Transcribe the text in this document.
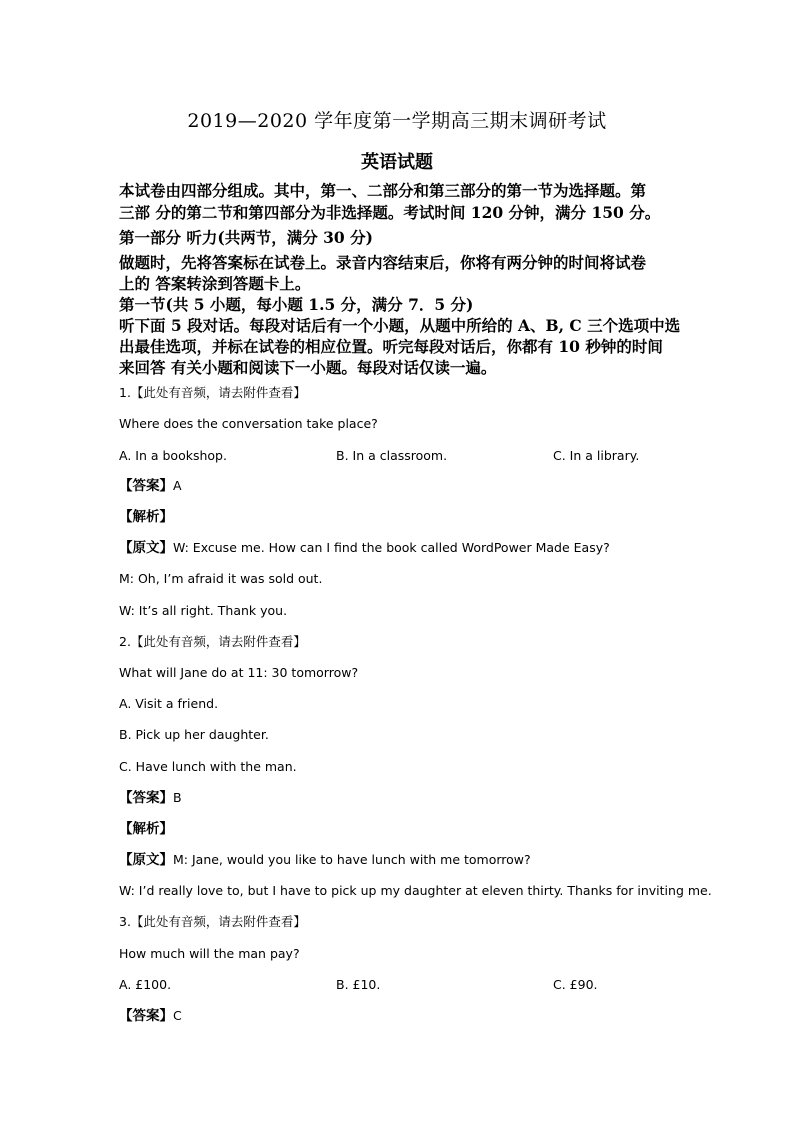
2019—2020 学年度第一学期高三期末调研考试
英语试题
本试卷由四部分组成。其中，第一、二部分和第三部分的第一节为选择题。第
三部 分的第二节和第四部分为非选择题。考试时间 120 分钟，满分 150 分。
第一部分 听力(共两节，满分 30 分)
做题时，先将答案标在试卷上。录音内容结束后，你将有两分钟的时间将试卷
上的 答案转涂到答题卡上。
第一节(共 5 小题，每小题 1.5 分，满分 7．5 分)
听下面 5 段对话。每段对话后有一个小题，从题中所给的 A、B, C 三个选项中选
出最佳选项，并标在试卷的相应位置。听完每段对话后，你都有 10 秒钟的时间
来回答 有关小题和阅读下一小题。每段对话仅读一遍。
1.【此处有音频，请去附件查看】
Where does the conversation take place?
A. In a bookshop.	B. In a classroom.	C. In a library.
【答案】A
【解析】
【原文】W: Excuse me. How can I find the book called WordPower Made Easy?
M: Oh, I’m afraid it was sold out.
W: It’s all right. Thank you.
2.【此处有音频，请去附件查看】
What will Jane do at 11: 30 tomorrow?
A. Visit a friend.
B. Pick up her daughter.
C. Have lunch with the man.
【答案】B
【解析】
【原文】M: Jane, would you like to have lunch with me tomorrow?
W: I’d really love to, but I have to pick up my daughter at eleven thirty. Thanks for inviting me.
3.【此处有音频，请去附件查看】
How much will the man pay?
A. £100.	B. £10.	C. £90.
【答案】C
